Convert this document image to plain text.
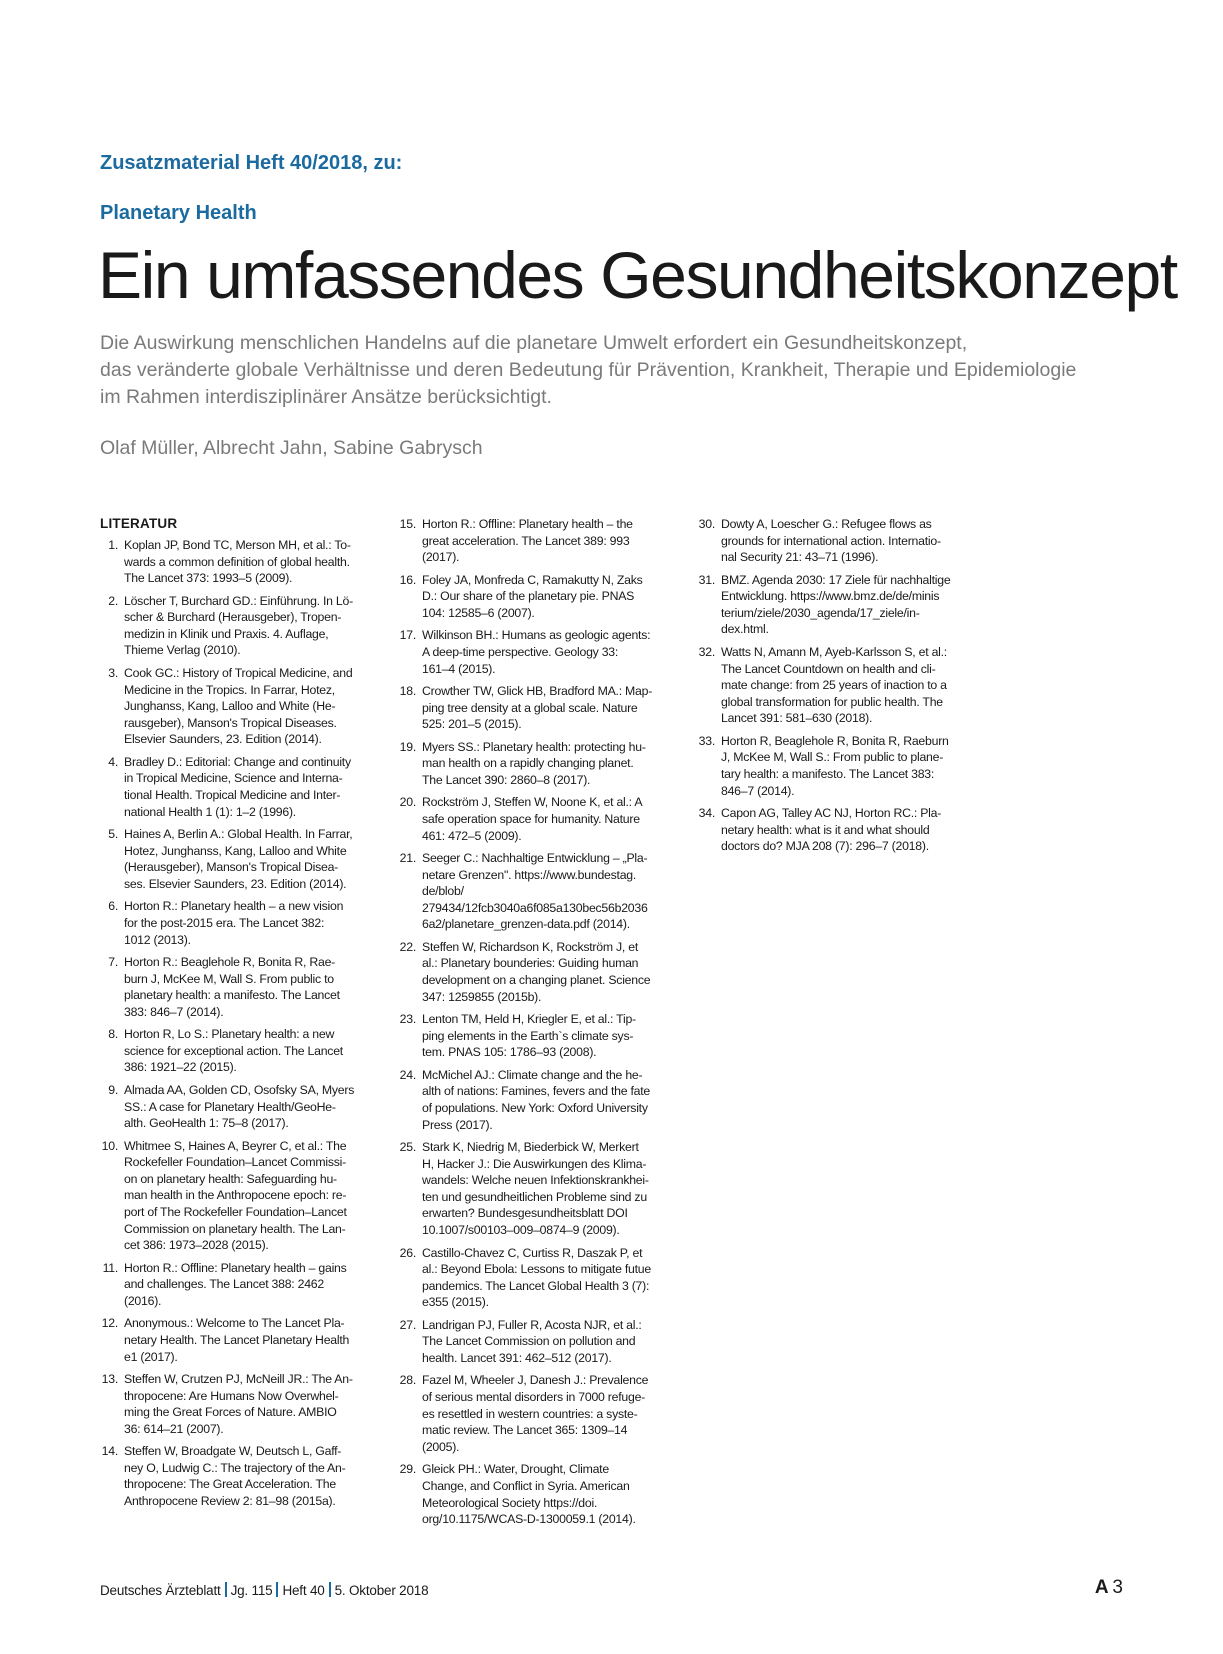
Zusatzmaterial Heft 40/2018, zu:
Planetary Health
Ein umfassendes Gesundheitskonzept

Die Auswirkung menschlichen Handelns auf die planetare Umwelt erfordert ein Gesundheitskonzept,
das veränderte globale Verhältnisse und deren Bedeutung für Prävention, Krankheit, Therapie und Epidemiologie
im Rahmen interdisziplinärer Ansätze berücksichtigt.

Olaf Müller, Albrecht Jahn, Sabine Gabrysch
LITERATUR
1. Koplan JP, Bond TC, Merson MH, et al.: To-
wards a common definition of global health.
The Lancet 373: 1993–5 (2009).
2. Löscher T, Burchard GD.: Einführung. In Lö-
scher & Burchard (Herausgeber), Tropen-
medizin in Klinik und Praxis. 4. Auflage,
Thieme Verlag (2010).
3. Cook GC.: History of Tropical Medicine, and
Medicine in the Tropics. In Farrar, Hotez,
Junghanss, Kang, Lalloo and White (He-
rausgeber), Manson's Tropical Diseases.
Elsevier Saunders, 23. Edition (2014).
4. Bradley D.: Editorial: Change and continuity
in Tropical Medicine, Science and Interna-
tional Health. Tropical Medicine and Inter-
national Health 1 (1): 1–2 (1996).
5. Haines A, Berlin A.: Global Health. In Farrar,
Hotez, Junghanss, Kang, Lalloo and White
(Herausgeber), Manson's Tropical Disea-
ses. Elsevier Saunders, 23. Edition (2014).
6. Horton R.: Planetary health – a new vision
for the post-2015 era. The Lancet 382:
1012 (2013).
7. Horton R.: Beaglehole R, Bonita R, Rae-
burn J, McKee M, Wall S. From public to
planetary health: a manifesto. The Lancet
383: 846–7 (2014).
8. Horton R, Lo S.: Planetary health: a new
science for exceptional action. The Lancet
386: 1921–22 (2015).
9. Almada AA, Golden CD, Osofsky SA, Myers
SS.: A case for Planetary Health/GeoHe-
alth. GeoHealth 1: 75–8 (2017).
10. Whitmee S, Haines A, Beyrer C, et al.: The
Rockefeller Foundation–Lancet Commissi-
on on planetary health: Safeguarding hu-
man health in the Anthropocene epoch: re-
port of The Rockefeller Foundation–Lancet
Commission on planetary health. The Lan-
cet 386: 1973–2028 (2015).
11. Horton R.: Offline: Planetary health – gains
and challenges. The Lancet 388: 2462
(2016).
12. Anonymous.: Welcome to The Lancet Pla-
netary Health. The Lancet Planetary Health
e1 (2017).
13. Steffen W, Crutzen PJ, McNeill JR.: The An-
thropocene: Are Humans Now Overwhel-
ming the Great Forces of Nature. AMBIO
36: 614–21 (2007).
14. Steffen W, Broadgate W, Deutsch L, Gaff-
ney O, Ludwig C.: The trajectory of the An-
thropocene: The Great Acceleration. The
Anthropocene Review 2: 81–98 (2015a).
15. Horton R.: Offline: Planetary health – the
great acceleration. The Lancet 389: 993
(2017).
16. Foley JA, Monfreda C, Ramakutty N, Zaks
D.: Our share of the planetary pie. PNAS
104: 12585–6 (2007).
17. Wilkinson BH.: Humans as geologic agents:
A deep-time perspective. Geology 33:
161–4 (2015).
18. Crowther TW, Glick HB, Bradford MA.: Map-
ping tree density at a global scale. Nature
525: 201–5 (2015).
19. Myers SS.: Planetary health: protecting hu-
man health on a rapidly changing planet.
The Lancet 390: 2860–8 (2017).
20. Rockström J, Steffen W, Noone K, et al.: A
safe operation space for humanity. Nature
461: 472–5 (2009).
21. Seeger C.: Nachhaltige Entwicklung – „Pla-
netare Grenzen". https://www.bundestag.
de/blob/
279434/12fcb3040a6f085a130bec56b2036
6a2/planetare_grenzen-data.pdf (2014).
22. Steffen W, Richardson K, Rockström J, et
al.: Planetary bounderies: Guiding human
development on a changing planet. Science
347: 1259855 (2015b).
23. Lenton TM, Held H, Kriegler E, et al.: Tip-
ping elements in the Earth`s climate sys-
tem. PNAS 105: 1786–93 (2008).
24. McMichel AJ.: Climate change and the he-
alth of nations: Famines, fevers and the fate
of populations. New York: Oxford University
Press (2017).
25. Stark K, Niedrig M, Biederbick W, Merkert
H, Hacker J.: Die Auswirkungen des Klima-
wandels: Welche neuen Infektionskrankhei-
ten und gesundheitlichen Probleme sind zu
erwarten? Bundesgesundheitsblatt DOI
10.1007/s00103–009–0874–9 (2009).
26. Castillo-Chavez C, Curtiss R, Daszak P, et
al.: Beyond Ebola: Lessons to mitigate futue
pandemics. The Lancet Global Health 3 (7):
e355 (2015).
27. Landrigan PJ, Fuller R, Acosta NJR, et al.:
The Lancet Commission on pollution and
health. Lancet 391: 462–512 (2017).
28. Fazel M, Wheeler J, Danesh J.: Prevalence
of serious mental disorders in 7000 refuge-
es resettled in western countries: a syste-
matic review. The Lancet 365: 1309–14
(2005).
29. Gleick PH.: Water, Drought, Climate
Change, and Conflict in Syria. American
Meteorological Society https://doi.
org/10.1175/WCAS-D-1300059.1 (2014).
30. Dowty A, Loescher G.: Refugee flows as
grounds for international action. Internatio-
nal Security 21: 43–71 (1996).
31. BMZ. Agenda 2030: 17 Ziele für nachhaltige
Entwicklung. https://www.bmz.de/de/minis
terium/ziele/2030_agenda/17_ziele/in-
dex.html.
32. Watts N, Amann M, Ayeb-Karlsson S, et al.:
The Lancet Countdown on health and cli-
mate change: from 25 years of inaction to a
global transformation for public health. The
Lancet 391: 581–630 (2018).
33. Horton R, Beaglehole R, Bonita R, Raeburn
J, McKee M, Wall S.: From public to plane-
tary health: a manifesto. The Lancet 383:
846–7 (2014).
34. Capon AG, Talley AC NJ, Horton RC.: Pla-
netary health: what is it and what should
doctors do? MJA 208 (7): 296–7 (2018).
Deutsches Ärzteblatt Jg. 115 Heft 40 5. Oktober 2018	A  3
